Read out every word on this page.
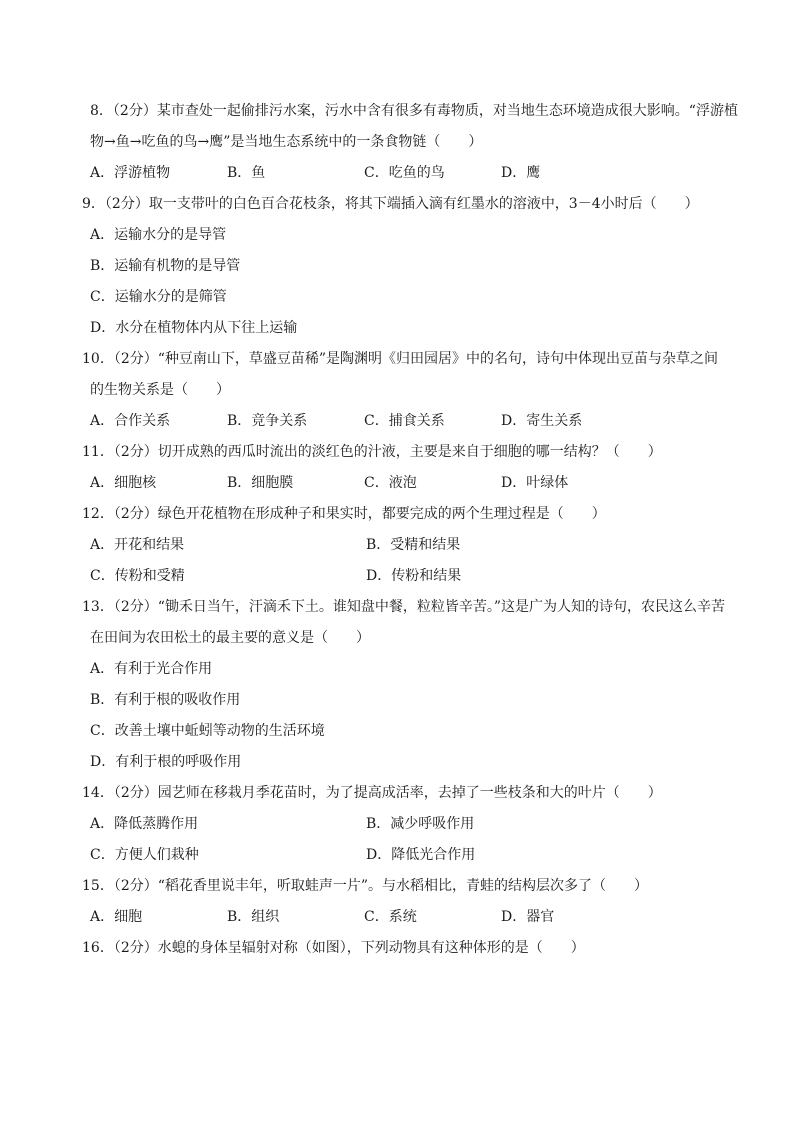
8．（2分）某市查处一起偷排污水案，污水中含有很多有毒物质，对当地生态环境造成很大影响。“浮游植
物→鱼→吃鱼的鸟→鹰”是当地生态系统中的一条食物链（　　）
A．浮游植物	B．鱼	C．吃鱼的鸟	D．鹰
9．（2分）取一支带叶的白色百合花枝条，将其下端插入滴有红墨水的溶液中，3－4小时后（　　）
A．运输水分的是导管
B．运输有机物的是导管
C．运输水分的是筛管
D．水分在植物体内从下往上运输
10．（2分）“种豆南山下，草盛豆苗稀”是陶渊明《归田园居》中的名句，诗句中体现出豆苗与杂草之间
的生物关系是（　　）
A．合作关系	B．竞争关系	C．捕食关系	D．寄生关系
11．（2分）切开成熟的西瓜时流出的淡红色的汁液，主要是来自于细胞的哪一结构？（　　）
A．细胞核	B．细胞膜	C．液泡	D．叶绿体
12．（2分）绿色开花植物在形成种子和果实时，都要完成的两个生理过程是（　　）
A．开花和结果	B．受精和结果
C．传粉和受精	D．传粉和结果
13．（2分）“锄禾日当午，汗滴禾下土。谁知盘中餐，粒粒皆辛苦。”这是广为人知的诗句，农民这么辛苦
在田间为农田松土的最主要的意义是（　　）
A．有利于光合作用
B．有利于根的吸收作用
C．改善土壤中蚯蚓等动物的生活环境
D．有利于根的呼吸作用
14．（2分）园艺师在移栽月季花苗时，为了提高成活率，去掉了一些枝条和大的叶片（　　）
A．降低蒸腾作用	B．减少呼吸作用
C．方便人们栽种	D．降低光合作用
15．（2分）“稻花香里说丰年，听取蛙声一片”。与水稻相比，青蛙的结构层次多了（　　）
A．细胞	B．组织	C．系统	D．器官
16．（2分）水螅的身体呈辐射对称（如图），下列动物具有这种体形的是（　　）
